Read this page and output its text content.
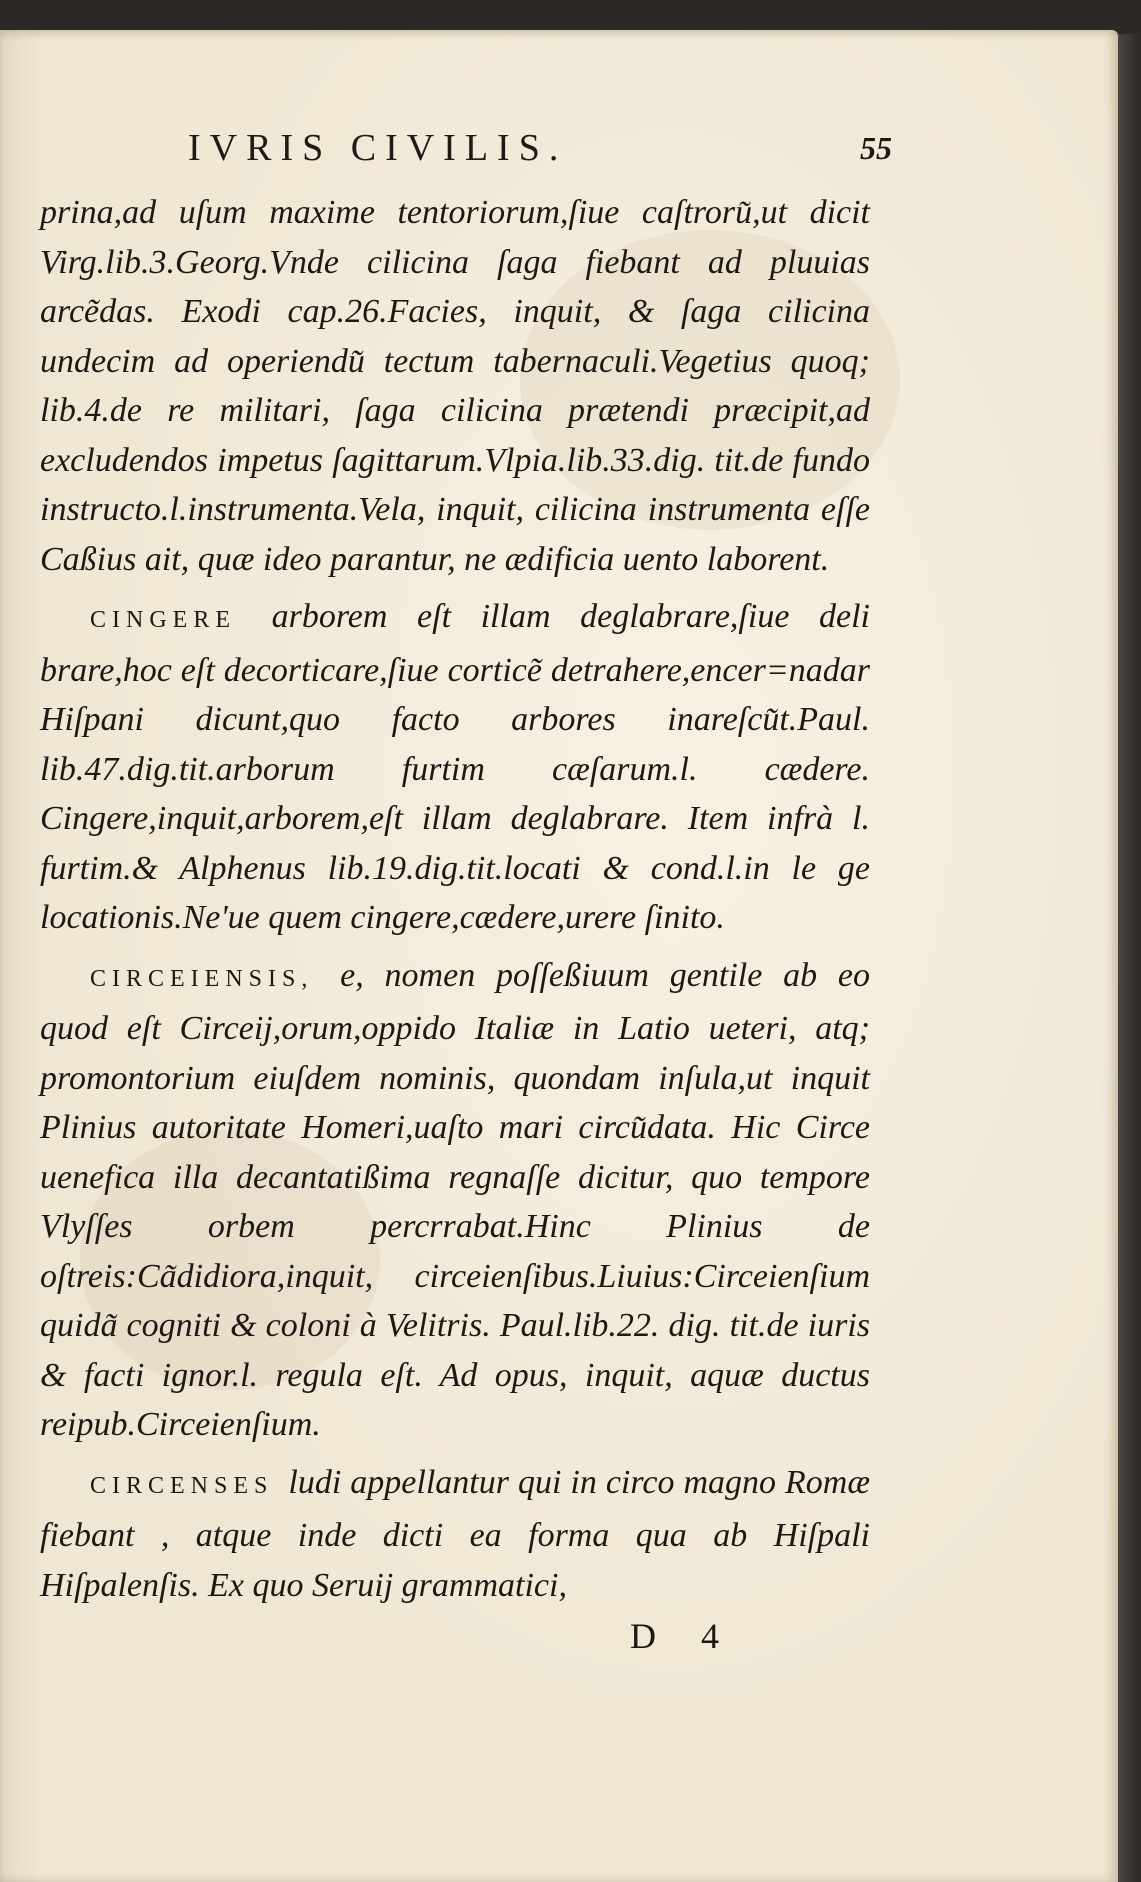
IVRIS CIVILIS.	55

prina,ad uſum maxime tentoriorum,ſiue caſtroru͂,ut dicit Virg.lib.3.Georg.Vnde cilicina ſaga fiebant ad pluuias arce͂das. Exodi cap.26.Facies, inquit, & ſaga cilicina undecim ad operiendu͂ tectum tabernaculi.Vegetius quoq; lib.4.de re militari, ſaga cilicina prætendi præcipit,ad excludendos impetus ſagittarum.Vlpia.lib.33.dig. tit.de fundo instructo.l.instrumenta.Vela, inquit, cilicina instrumenta eſſe Caßius ait, quæ ideo parantur, ne ædificia uento laborent.

CINGERE arborem eſt illam deglabrare,ſiue deli brare,hoc eſt decorticare,ſiue cortice͂ detrahere,encer=nadar Hiſpani dicunt,quo facto arbores inareſcu͂t.Paul. lib.47.dig.tit.arborum furtim cæſarum.l. cædere. Cingere,inquit,arborem,eſt illam deglabrare. Item infrà l. furtim.& Alphenus lib.19.dig.tit.locati & cond.l.in le ge locationis.Ne'ue quem cingere,cædere,urere ſinito.

CIRCEIENSIS, e, nomen poſſeßiuum gentile ab eo quod eſt Circeij,orum,oppido Italiæ in Latio ueteri, atq; promontorium eiuſdem nominis, quondam inſula,ut inquit Plinius autoritate Homeri,uaſto mari circu͂data. Hic Circe uenefica illa decantatißima regnaſſe dicitur, quo tempore Vlyſſes orbem percrrabat.Hinc Plinius de oſtreis:Ca͂didiora,inquit, circeienſibus.Liuius:Circeienſium quida͂ cogniti & coloni à Velitris. Paul.lib.22. dig. tit.de iuris & facti ignor.l. regula eſt. Ad opus, inquit, aquæ ductus reipub.Circeienſium.

CIRCENSES ludi appellantur qui in circo magno Romæ fiebant , atque inde dicti ea forma qua ab Hiſpali Hiſpalenſis. Ex quo Seruij grammatici,

D 4
